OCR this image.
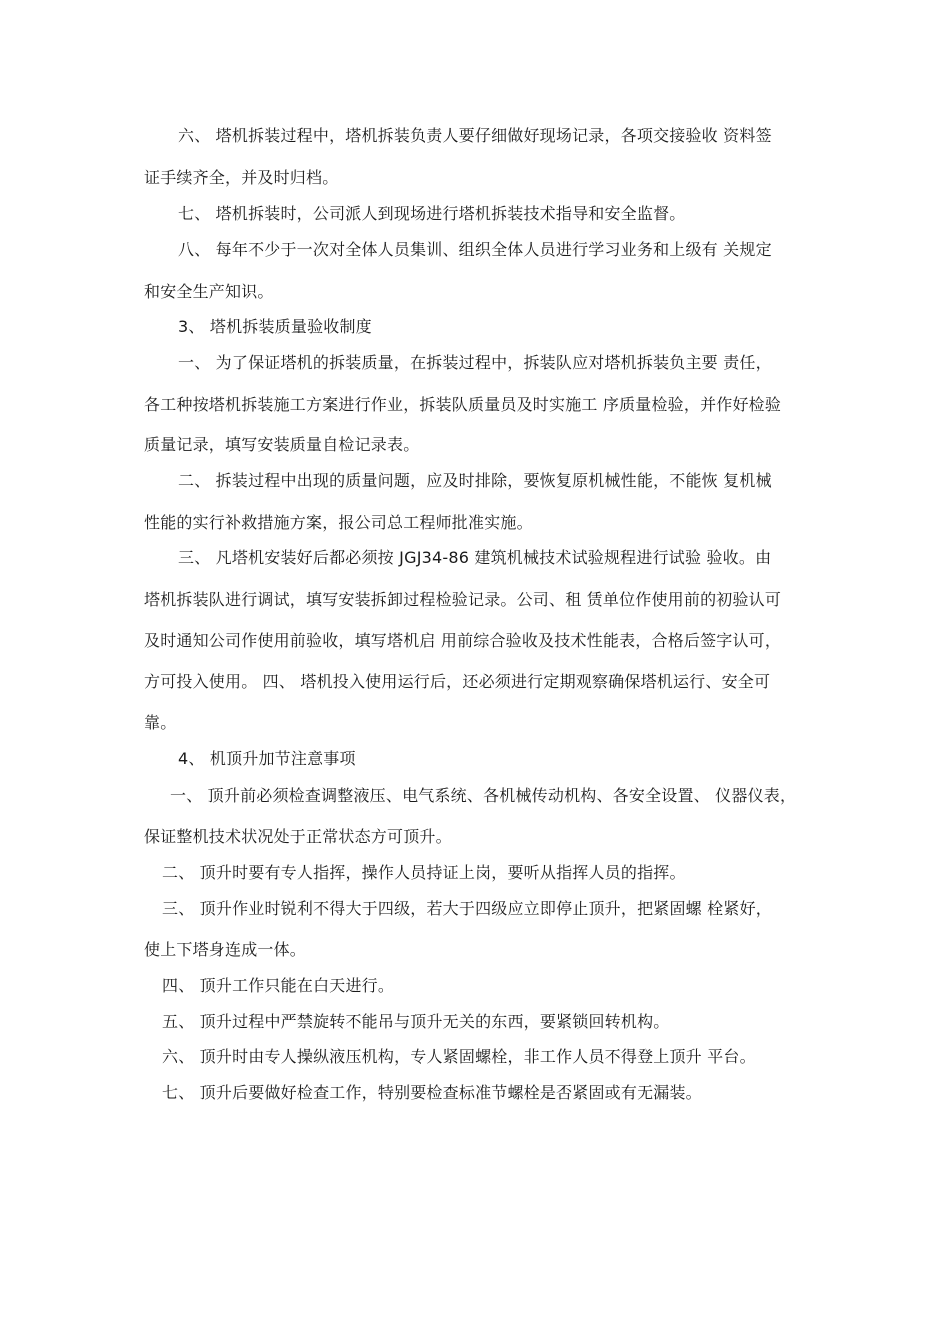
六、 塔机拆装过程中，塔机拆装负责人要仔细做好现场记录，各项交接验收 资料签
证手续齐全，并及时归档。
七、 塔机拆装时，公司派人到现场进行塔机拆装技术指导和安全监督。
八、 每年不少于一次对全体人员集训、组织全体人员进行学习业务和上级有 关规定
和安全生产知识。
3、 塔机拆装质量验收制度
一、 为了保证塔机的拆装质量，在拆装过程中，拆装队应对塔机拆装负主要 责任，
各工种按塔机拆装施工方案进行作业，拆装队质量员及时实施工 序质量检验，并作好检验
质量记录，填写安装质量自检记录表。
二、 拆装过程中出现的质量问题，应及时排除，要恢复原机械性能，不能恢 复机械
性能的实行补救措施方案，报公司总工程师批准实施。
三、 凡塔机安装好后都必须按 JGJ34-86 建筑机械技术试验规程进行试验 验收。由
塔机拆装队进行调试，填写安装拆卸过程检验记录。公司、租 赁单位作使用前的初验认可
及时通知公司作使用前验收，填写塔机启 用前综合验收及技术性能表，合格后签字认可，
方可投入使用。 四、 塔机投入使用运行后，还必须进行定期观察确保塔机运行、安全可
靠。
4、 机顶升加节注意事项
一、 顶升前必须检查调整液压、电气系统、各机械传动机构、各安全设置、 仪器仪表，
保证整机技术状况处于正常状态方可顶升。
二、 顶升时要有专人指挥，操作人员持证上岗，要听从指挥人员的指挥。
三、 顶升作业时锐利不得大于四级，若大于四级应立即停止顶升，把紧固螺 栓紧好，
使上下塔身连成一体。
四、 顶升工作只能在白天进行。
五、 顶升过程中严禁旋转不能吊与顶升无关的东西，要紧锁回转机构。
六、 顶升时由专人操纵液压机构，专人紧固螺栓，非工作人员不得登上顶升 平台。
七、 顶升后要做好检查工作，特别要检查标准节螺栓是否紧固或有无漏装。
